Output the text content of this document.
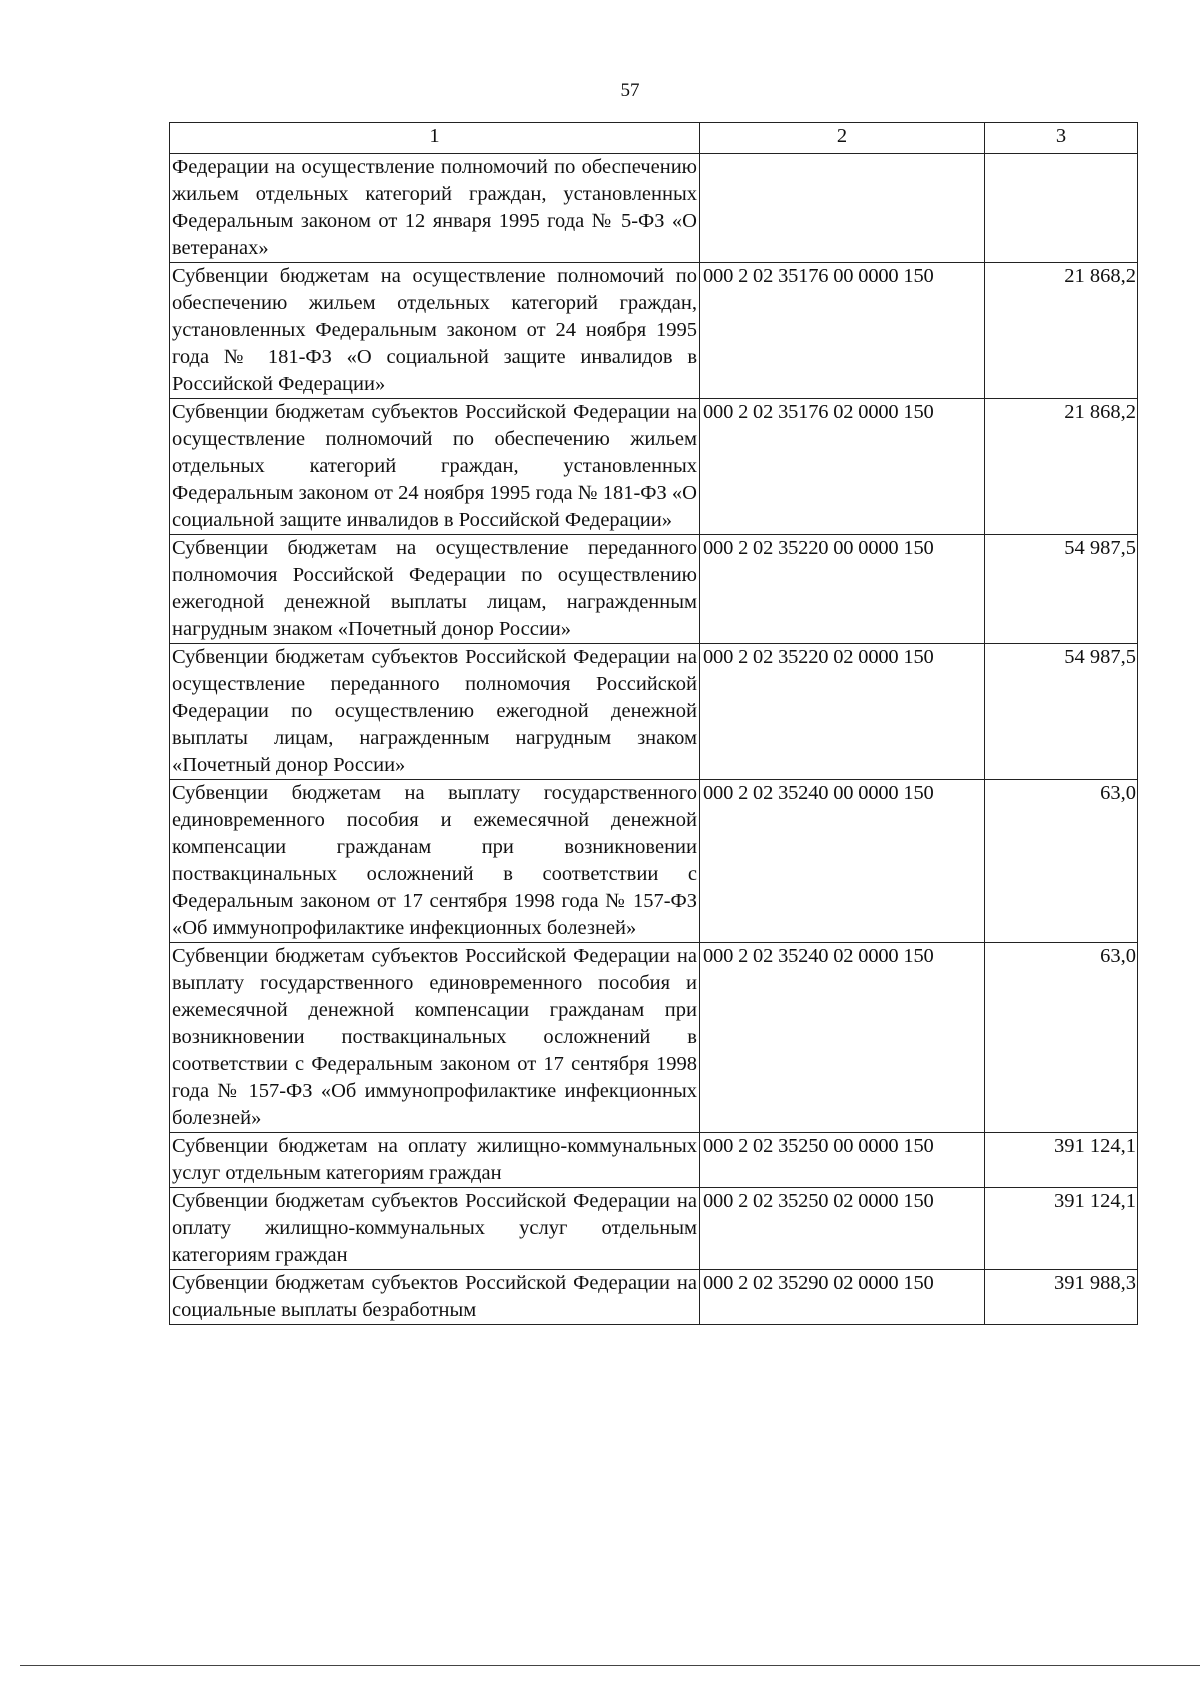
57
1	2	3
Федерации на осуществление полномочий по обеспечению жильем отдельных категорий граждан, установленных Федеральным законом от 12 января 1995 года № 5-ФЗ «О ветеранах»		
Субвенции бюджетам на осуществление полномочий по обеспечению жильем отдельных категорий граждан, установленных Федеральным законом от 24 ноября 1995 года № 181-ФЗ «О социальной защите инвалидов в Российской Федерации»	000 2 02 35176 00 0000 150	21 868,2
Субвенции бюджетам субъектов Российской Федерации на осуществление полномочий по обеспечению жильем отдельных категорий граждан, установленных Федеральным законом от 24 ноября 1995 года № 181-ФЗ «О социальной защите инвалидов в Российской Федерации»	000 2 02 35176 02 0000 150	21 868,2
Субвенции бюджетам на осуществление переданного полномочия Российской Федерации по осуществлению ежегодной денежной выплаты лицам, награжденным нагрудным знаком «Почетный донор России»	000 2 02 35220 00 0000 150	54 987,5
Субвенции бюджетам субъектов Российской Федерации на осуществление переданного полномочия Российской Федерации по осуществлению ежегодной денежной выплаты лицам, награжденным нагрудным знаком «Почетный донор России»	000 2 02 35220 02 0000 150	54 987,5
Субвенции бюджетам на выплату государственного единовременного пособия и ежемесячной денежной компенсации гражданам при возникновении поствакцинальных осложнений в соответствии с Федеральным законом от 17 сентября 1998 года № 157-ФЗ «Об иммунопрофилактике инфекционных болезней»	000 2 02 35240 00 0000 150	63,0
Субвенции бюджетам субъектов Российской Федерации на выплату государственного единовременного пособия и ежемесячной денежной компенсации гражданам при возникновении поствакцинальных осложнений в соответствии с Федеральным законом от 17 сентября 1998 года № 157-ФЗ «Об иммунопрофилактике инфекционных болезней»	000 2 02 35240 02 0000 150	63,0
Субвенции бюджетам на оплату жилищно-коммунальных услуг отдельным категориям граждан	000 2 02 35250 00 0000 150	391 124,1
Субвенции бюджетам субъектов Российской Федерации на оплату жилищно-коммунальных услуг отдельным категориям граждан	000 2 02 35250 02 0000 150	391 124,1
Субвенции бюджетам субъектов Российской Федерации на социальные выплаты безработным	000 2 02 35290 02 0000 150	391 988,3
